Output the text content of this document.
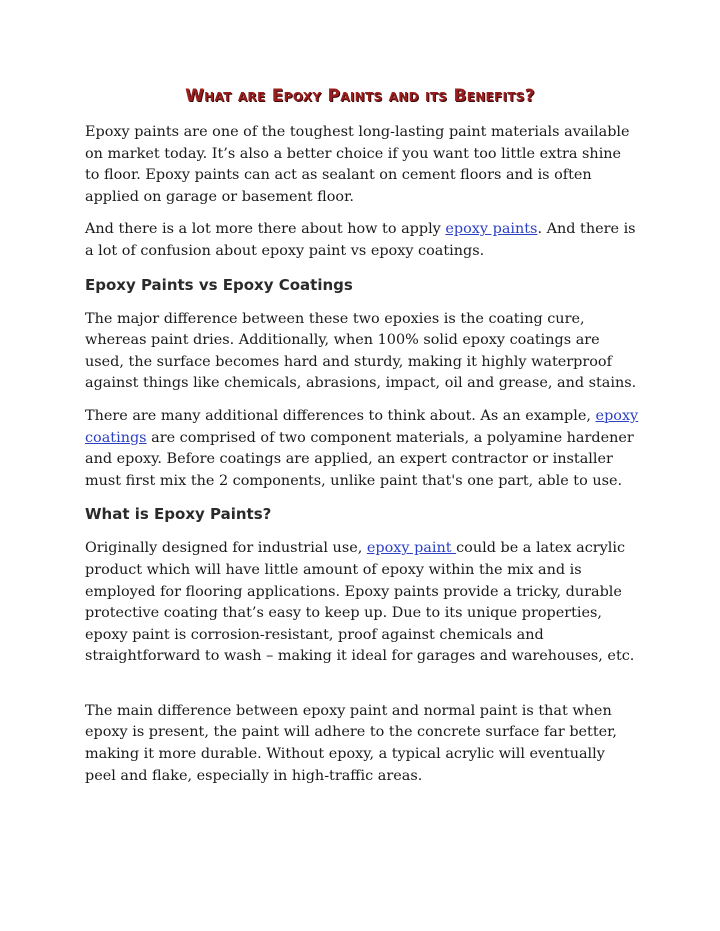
What are Epoxy Paints and its Benefits?

Epoxy paints are one of the toughest long-lasting paint materials available on market today. It’s also a better choice if you want too little extra shine to floor. Epoxy paints can act as sealant on cement floors and is often applied on garage or basement floor.

And there is a lot more there about how to apply epoxy paints. And there is a lot of confusion about epoxy paint vs epoxy coatings.

Epoxy Paints vs Epoxy Coatings

The major difference between these two epoxies is the coating cure, whereas paint dries. Additionally, when 100% solid epoxy coatings are used, the surface becomes hard and sturdy, making it highly waterproof against things like chemicals, abrasions, impact, oil and grease, and stains.

There are many additional differences to think about. As an example, epoxy coatings are comprised of two component materials, a polyamine hardener and epoxy. Before coatings are applied, an expert contractor or installer must first mix the 2 components, unlike paint that's one part, able to use.

What is Epoxy Paints?

Originally designed for industrial use, epoxy paint could be a latex acrylic product which will have little amount of epoxy within the mix and is employed for flooring applications. Epoxy paints provide a tricky, durable protective coating that’s easy to keep up. Due to its unique properties, epoxy paint is corrosion-resistant, proof against chemicals and straightforward to wash – making it ideal for garages and warehouses, etc.

The main difference between epoxy paint and normal paint is that when epoxy is present, the paint will adhere to the concrete surface far better, making it more durable. Without epoxy, a typical acrylic will eventually peel and flake, especially in high-traffic areas.
